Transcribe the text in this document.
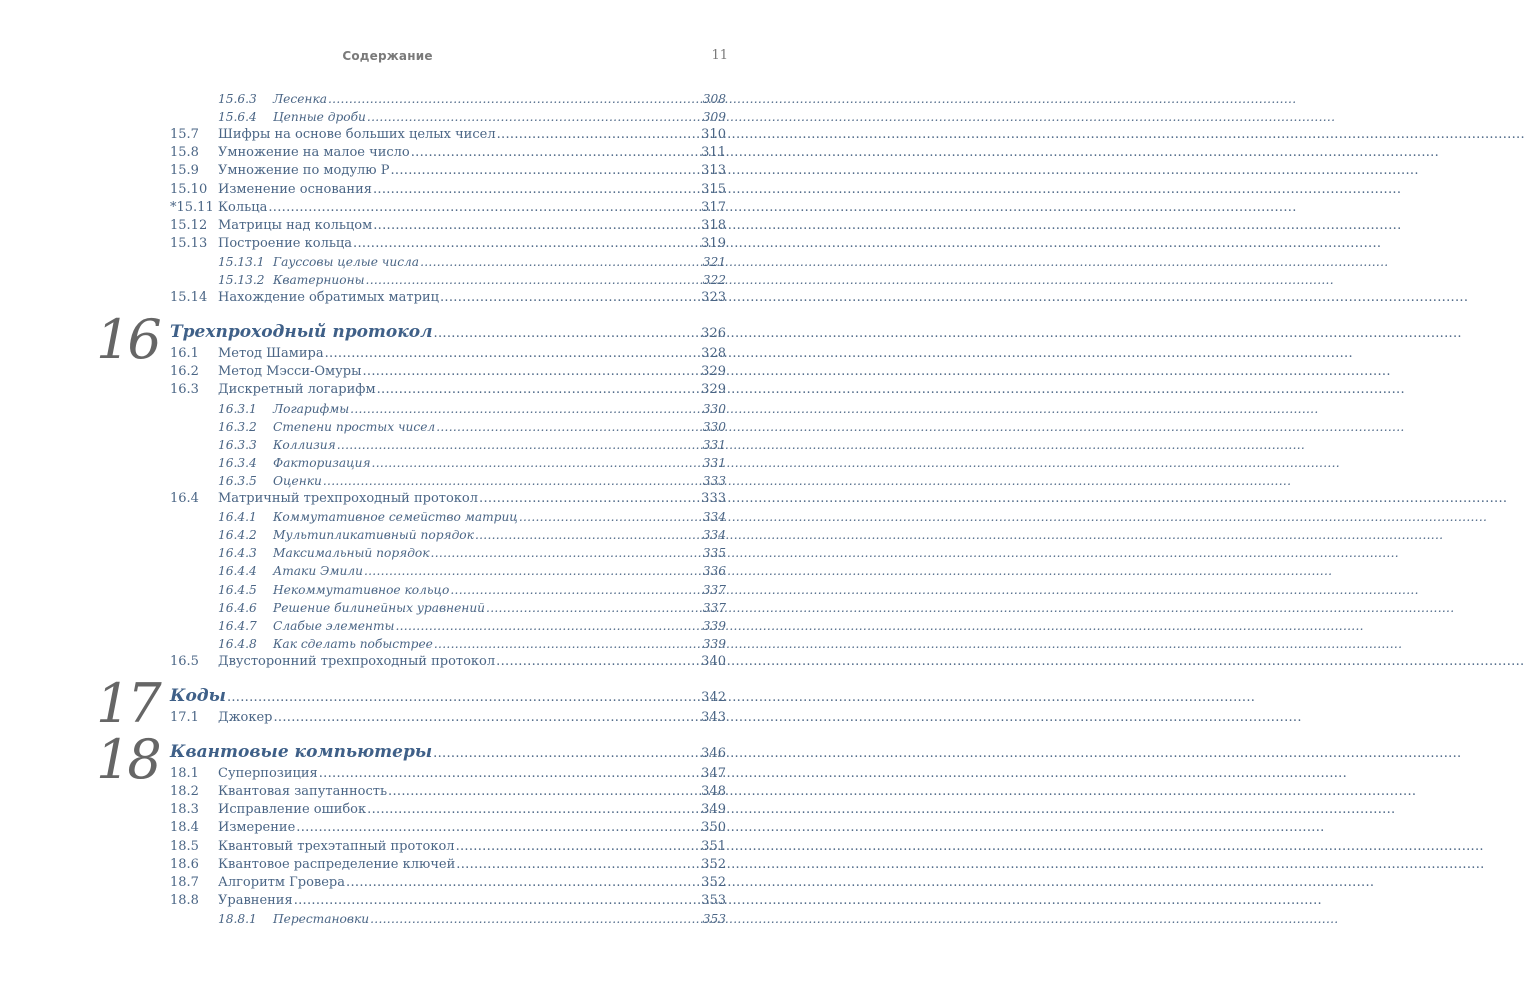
Содержание	11
15.6.3	Лесенка .....	308
15.6.4	Цепные дроби .....	309
15.7	Шифры на основе больших целых чисел .....	310
15.8	Умножение на малое число .....	311
15.9	Умножение по модулю P .....	313
15.10 Изменение основания .....	315
*15.11 Кольца .....	317
15.12 Матрицы над кольцом .....	318
15.13 Построение кольца .....	319
15.13.1 Гауссовы целые числа .....	321
15.13.2 Кватернионы .....	322
15.14 Нахождение обратимых матриц .....	323
16 Трехпроходный протокол .....	326
16.1	Метод Шамира .....	328
16.2	Метод Мэсси-Омуры .....	329
16.3	Дискретный логарифм .....	329
16.3.1	Логарифмы .....	330
16.3.2	Степени простых чисел .....	330
16.3.3	Коллизия .....	331
16.3.4	Факторизация .....	331
16.3.5	Оценки .....	333
16.4	Матричный трехпроходный протокол .....	333
16.4.1	Коммутативное семейство матриц .....	334
16.4.2	Мультипликативный порядок .....	334
16.4.3	Максимальный порядок .....	335
16.4.4	Атаки Эмили .....	336
16.4.5	Некоммутативное кольцо .....	337
16.4.6	Решение билинейных уравнений .....	337
16.4.7	Слабые элементы .....	339
16.4.8	Как сделать побыстрее .....	339
16.5	Двусторонний трехпроходный протокол .....	340
17 Коды .....	342
17.1	Джокер .....	343
18 Квантовые компьютеры .....	346
18.1	Суперпозиция .....	347
18.2	Квантовая запутанность .....	348
18.3	Исправление ошибок .....	349
18.4	Измерение .....	350
18.5	Квантовый трехэтапный протокол .....	351
18.6	Квантовое распределение ключей .....	352
18.7	Алгоритм Гровера .....	352
18.8	Уравнения .....	353
18.8.1	Перестановки .....	353
